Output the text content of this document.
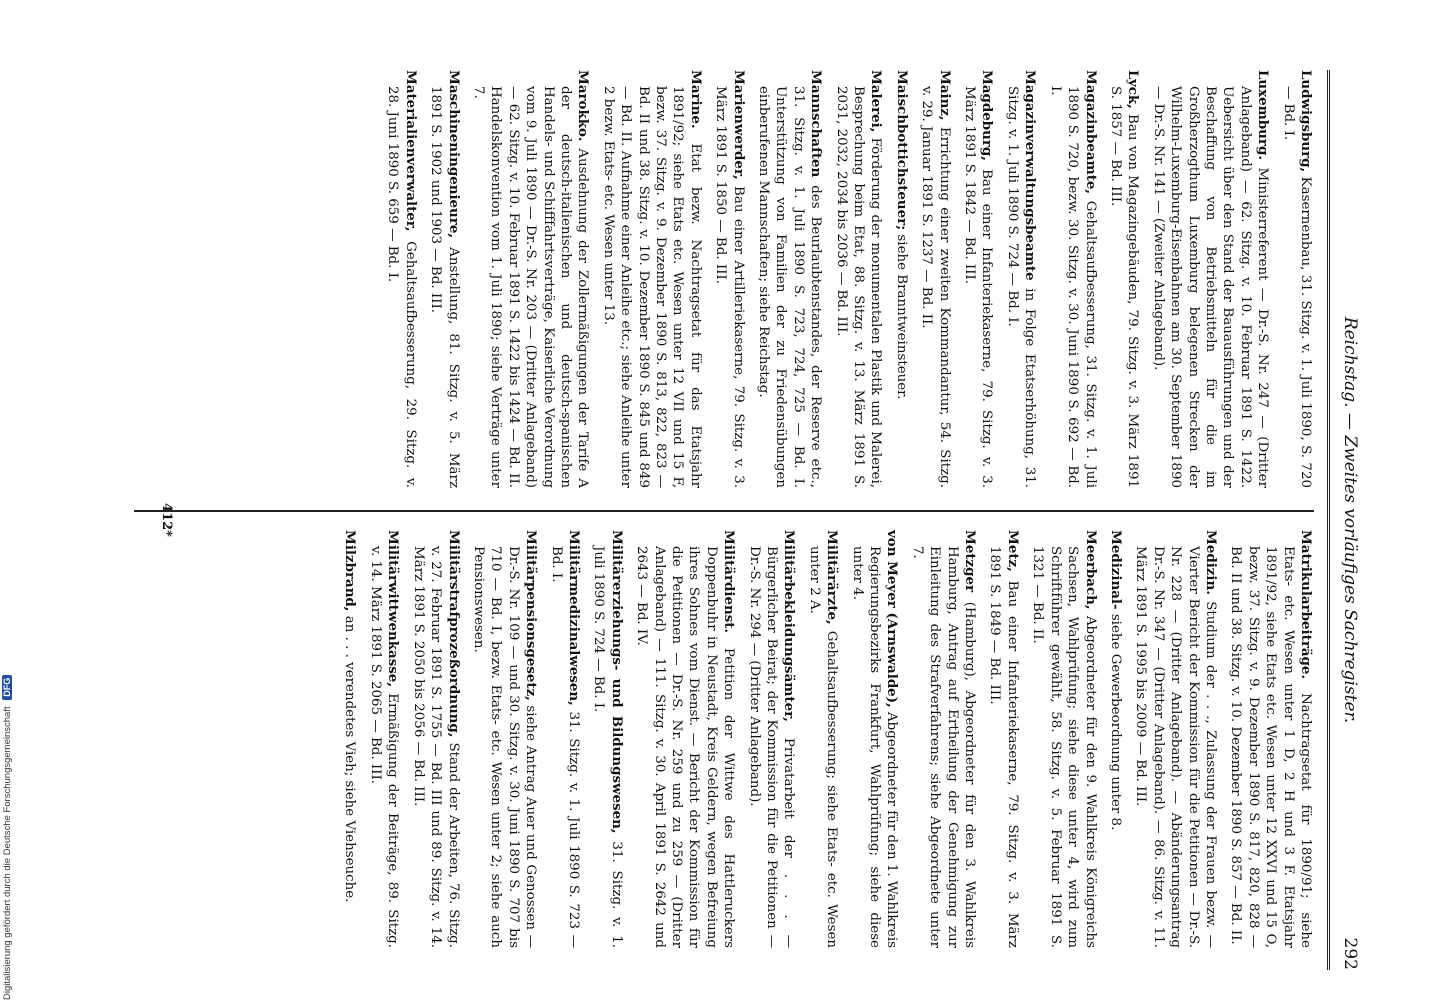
Reichstag. — Zweites vorläufiges Sachregister.
292

Ludwigsburg, Kasernenbau, 31. Sitzg. v. 1. Juli 1890, S. 720 — Bd. I.

Luxemburg. Ministerreferent — Dr.-S. Nr. 247 — (Dritter Anlageband) — 62. Sitzg. v. 10. Februar 1891 S. 1422. Uebersicht über den Stand der Bauausführungen und der Beschaffung von Betriebsmitteln für die im Großherzogthum Luxemburg belegenen Strecken der Wilhelm-Luxemburg-Eisenbahnen am 30. September 1890 — Dr.-S. Nr. 141 — (Zweiter Anlageband).

Lyck, Bau von Magazingebäuden, 79. Sitzg. v. 3. März 1891 S. 1857 — Bd. III.

Magazinbeamte, Gehaltsaufbesserung, 31. Sitzg. v. 1. Juli 1890 S. 720, bezw. 30. Sitzg. v. 30. Juni 1890 S. 692 — Bd. I.

Magazinverwaltungsbeamte in Folge Etatserhöhung, 31. Sitzg. v. 1. Juli 1890 S. 724 — Bd. I.

Magdeburg, Bau einer Infanteriekaserne, 79. Sitzg. v. 3. März 1891 S. 1842 — Bd. III.

Mainz, Errichtung einer zweiten Kommandantur, 54. Sitzg. v. 29. Januar 1891 S. 1237 — Bd. II.

Maischbottichsteuer; siehe Branntweinsteuer.

Malerei, Förderung der monumentalen Plastik und Malerei, Besprechung beim Etat, 88. Sitzg. v. 13. März 1891 S. 2031, 2032, 2034 bis 2036 — Bd. III.

Mannschaften des Beurlaubtenstandes, der Reserve etc., 31. Sitzg. v. 1. Juli 1890 S. 723, 724, 725 — Bd. I. Unterstützung von Familien der zu Friedensübungen einberufenen Mannschaften; siehe Reichstag.

Marienwerder, Bau einer Artilleriekaserne, 79. Sitzg. v. 3. März 1891 S. 1850 — Bd. III.

Marine. Etat bezw. Nachtragsetat für das Etatsjahr 1891/92; siehe Etats etc. Wesen unter 12 VII und 15 F, bezw. 37. Sitzg. v. 9. Dezember 1890 S. 813, 822, 823 — Bd. II und 38. Sitzg. v. 10. Dezember 1890 S. 845 und 849 — Bd. II. Aufnahme einer Anleihe etc.; siehe Anleihe unter 2 bezw. Etats- etc. Wesen unter 13.

Marokko. Ausdehnung der Zollermäßigungen der Tarife A der deutsch-italienischen und deutsch-spanischen Handels- und Schifffahrtsverträge, Kaiserliche Verordnung vom 9. Juli 1890 — Dr.-S. Nr. 203 — (Dritter Anlageband) — 62. Sitzg. v. 10. Februar 1891 S. 1422 bis 1424 — Bd. II. Handelskonvention vom 1. Juli 1890; siehe Verträge unter 7.

Maschineningenieure, Anstellung, 81. Sitzg. v. 5. März 1891 S. 1902 und 1903 — Bd. III.

Materialienverwalter, Gehaltsaufbesserung, 29. Sitzg. v. 28. Juni 1890 S. 659 — Bd. I.

Matrikularbeiträge. Nachtragsetat für 1890/91; siehe Etats- etc. Wesen unter 1 D, 2 H und 3 F. Etatsjahr 1891/92, siehe Etats etc. Wesen unter 12 XXVI und 15 O, bezw. 37. Sitzg. v. 9. Dezember 1890 S. 817, 820, 828 — Bd. II und 38. Sitzg. v. 10. Dezember 1890 S. 857 — Bd. II.

Medizin. Studium der . . ., Zulassung der Frauen bezw. — Vierter Bericht der Kommission für die Petitionen — Dr.-S. Nr. 228 — (Dritter Anlageband). — Abänderungsantrag Dr.-S. Nr. 347 — (Dritter Anlageband). — 86. Sitzg. v. 11. März 1891 S. 1995 bis 2009 — Bd. III.

Medizinal- siehe Gewerbeordnung unter 8.

Meerbach, Abgeordneter für den 9. Wahlkreis Königreichs Sachsen, Wahlprüfung; siehe diese unter 4, wird zum Schriftführer gewählt, 58. Sitzg. v. 5. Februar 1891 S. 1321 — Bd. II.

Metz, Bau einer Infanteriekaserne, 79. Sitzg. v. 3. März 1891 S. 1849 — Bd. III.

Metzger (Hamburg), Abgeordneter für den 3. Wahlkreis Hamburg, Antrag auf Ertheilung der Genehmigung zur Einleitung des Strafverfahrens; siehe Abgeordnete unter 7.

von Meyer (Arnswalde), Abgeordneter für den 1. Wahlkreis Regierungsbezirks Frankfurt, Wahlprüfung; siehe diese unter 4.

Militärärzte, Gehaltsaufbesserung; siehe Etats- etc. Wesen unter 2 A.

Militärbekleidungsämter, Privatarbeit der . . . — Bürgerlicher Beirat; der Kommission für die Petitionen — Dr.-S. Nr. 294 — (Dritter Anlageband).

Militärdienst. Petition der Wittwe des Hattleruckers Doppenbuhr in Neustadt, Kreis Geldern, wegen Befreiung ihres Sohnes vom Dienst. — Bericht der Kommission für die Petitionen — Dr.-S. Nr. 259 und zu 259 — (Dritter Anlageband) — 111. Sitzg. v. 30. April 1891 S. 2642 und 2643 — Bd. IV.

Militärerziehungs- und Bildungswesen, 31. Sitzg. v. 1. Juli 1890 S. 724 — Bd. I.

Militärmedizinalwesen, 31. Sitzg. v. 1. Juli 1890 S. 723 — Bd. I.

Militärpensionsgesetz, siehe Antrag Auer und Genossen — Dr.-S. Nr. 109 — und 30. Sitzg. v. 30. Juni 1890 S. 707 bis 710 — Bd. I, bezw. Etats- etc. Wesen unter 2; siehe auch Pensionswesen.

Militärstrafprozeßordnung, Stand der Arbeiten, 76. Sitzg. v. 27. Februar 1891 S. 1755 — Bd. III und 89. Sitzg. v. 14. März 1891 S. 2050 bis 2056 — Bd. III.

Militärwittwenkasse, Ermäßigung der Beiträge, 89. Sitzg. v. 14. März 1891 S. 2065 — Bd. III.

Milzbrand, an . . . verendetes Vieh; siehe Viehseuche.

412*
Digitalisierung gefördert durch die Deutsche Forschungsgemeinschaft DFG
